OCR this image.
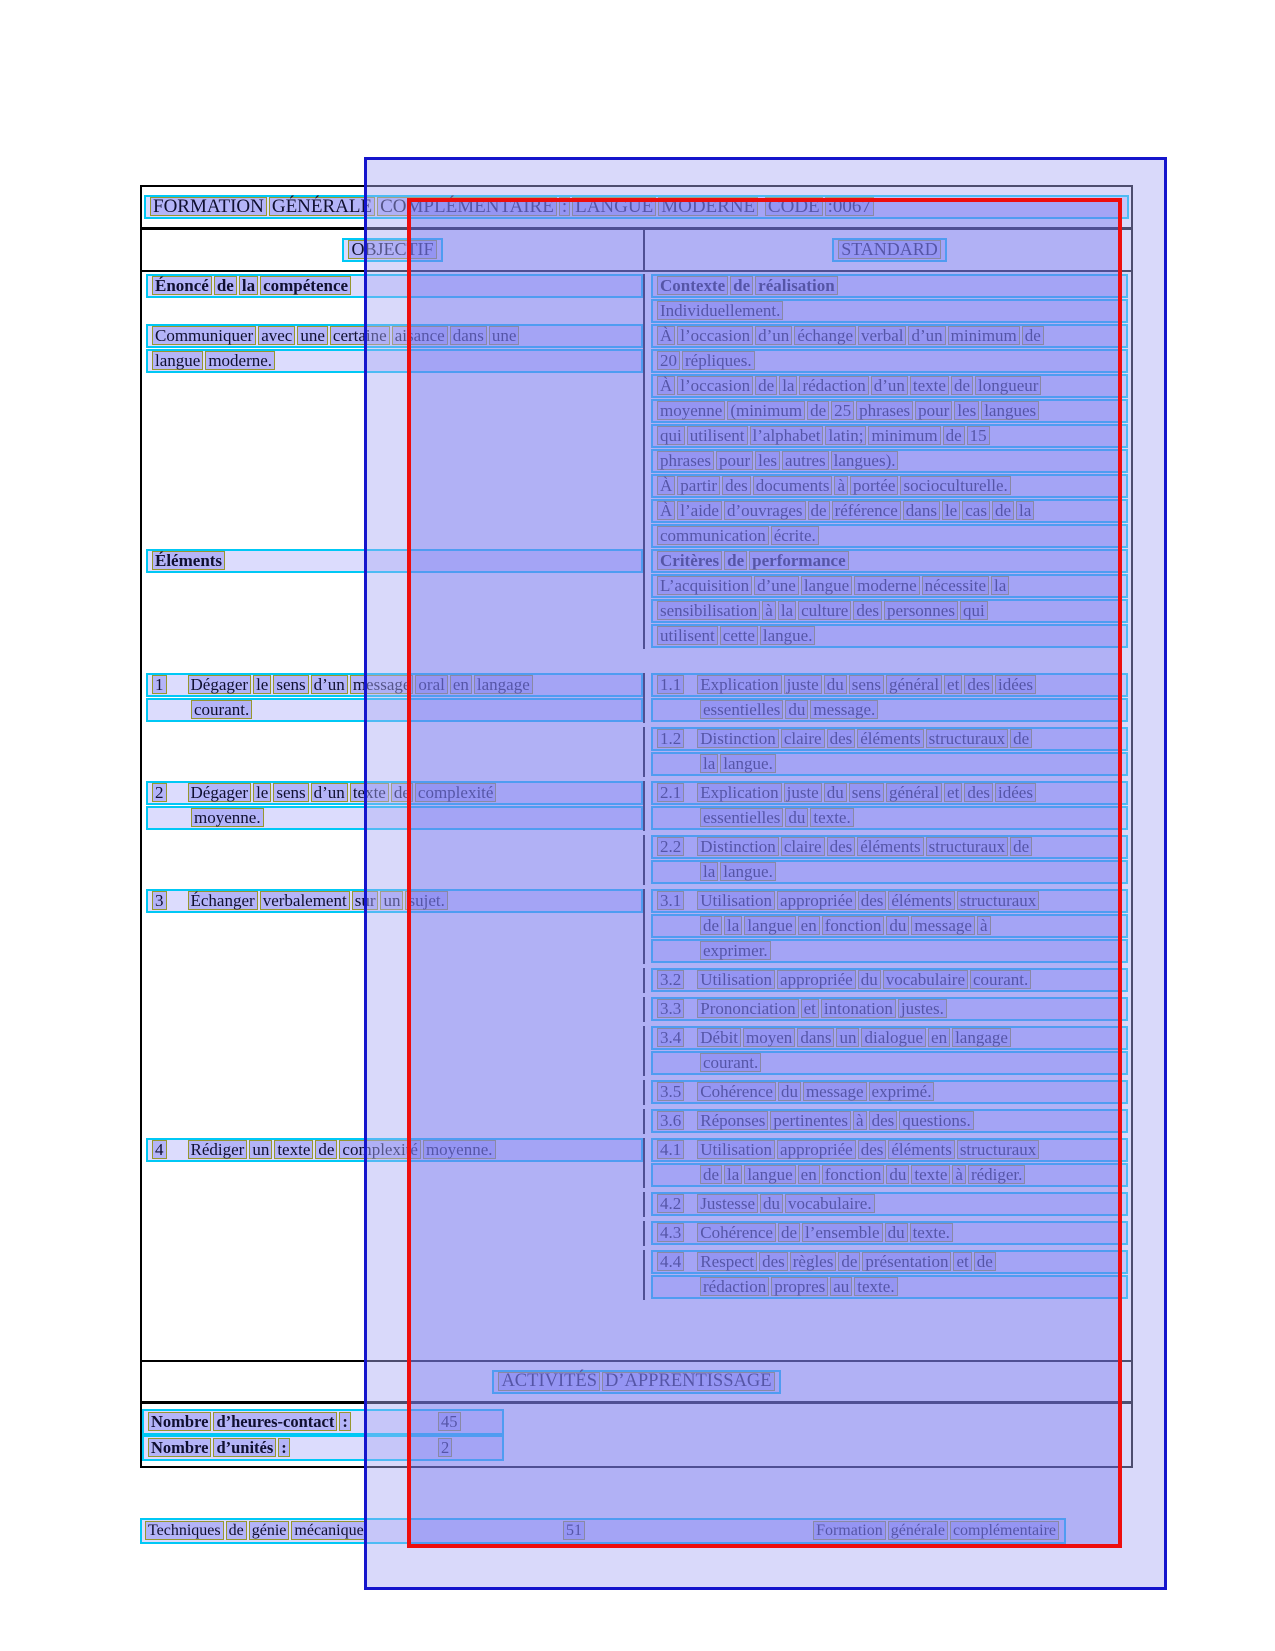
FORMATION GÉNÉRALE COMPLÉMENTAIRE : LANGUE MODERNE CODE :0067
OBJECTIF	STANDARD
Énoncé de la compétence	Contexte de réalisation
Individuellement.
Communiquer avec une certaine aisance dans une	À l’occasion d’un échange verbal d’un minimum de
langue moderne.	20 répliques.
À l’occasion de la rédaction d’un texte de longueur
moyenne (minimum de 25 phrases pour les langues
qui utilisent l’alphabet latin; minimum de 15
phrases pour les autres langues).
À partir des documents à portée socioculturelle.
À l’aide d’ouvrages de référence dans le cas de la
communication écrite.
Éléments	Critères de performance
L’acquisition d’une langue moderne nécessite la
sensibilisation à la culture des personnes qui
utilisent cette langue.
1 Dégager le sens d’un message oral en langage	1.1 Explication juste du sens général et des idées
courant.	essentielles du message.
1.2 Distinction claire des éléments structuraux de
la langue.
2 Dégager le sens d’un texte de complexité	2.1 Explication juste du sens général et des idées
moyenne.	essentielles du texte.
2.2 Distinction claire des éléments structuraux de
la langue.
3 Échanger verbalement sur un sujet.	3.1 Utilisation appropriée des éléments structuraux
de la langue en fonction du message à
exprimer.
3.2 Utilisation appropriée du vocabulaire courant.
3.3 Prononciation et intonation justes.
3.4 Débit moyen dans un dialogue en langage
courant.
3.5 Cohérence du message exprimé.
3.6 Réponses pertinentes à des questions.
4 Rédiger un texte de complexité moyenne.	4.1 Utilisation appropriée des éléments structuraux
de la langue en fonction du texte à rédiger.
4.2 Justesse du vocabulaire.
4.3 Cohérence de l’ensemble du texte.
4.4 Respect des règles de présentation et de
rédaction propres au texte.
ACTIVITÉS D’APPRENTISSAGE
Nombre d’heures-contact :	45
Nombre d’unités :	2
Techniques de génie mécanique	51	Formation générale complémentaire
